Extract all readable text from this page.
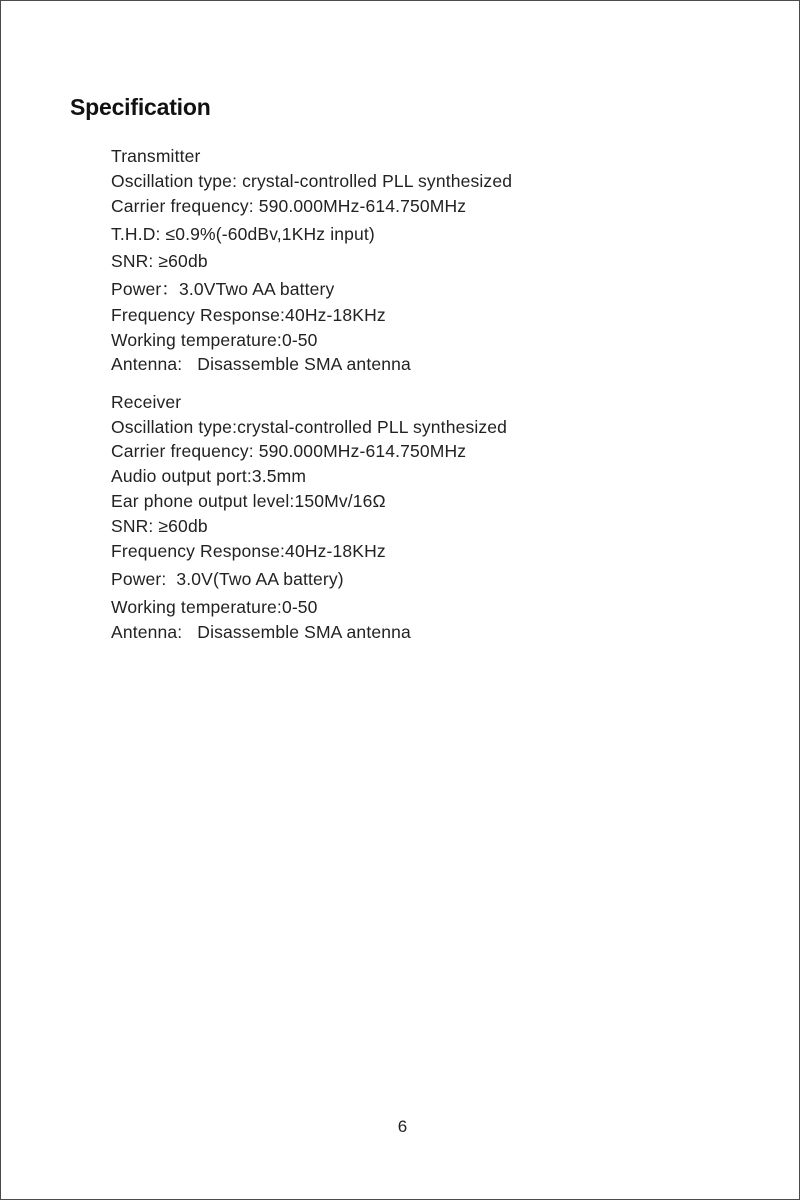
Specification
Transmitter
Oscillation type: crystal-controlled PLL synthesized
Carrier frequency: 590.000MHz-614.750MHz
T.H.D: ≤0.9%(-60dBv,1KHz input)
SNR: ≥60db
Power：3.0VTwo AA battery
Frequency Response:40Hz-18KHz
Working temperature:0-50
Antenna:   Disassemble SMA antenna
Receiver
Oscillation type:crystal-controlled PLL synthesized
Carrier frequency: 590.000MHz-614.750MHz
Audio output port:3.5mm
Ear phone output level:150Mv/16Ω
SNR: ≥60db
Frequency Response:40Hz-18KHz
Power:  3.0V(Two AA battery)
Working temperature:0-50
Antenna:   Disassemble SMA antenna
6
